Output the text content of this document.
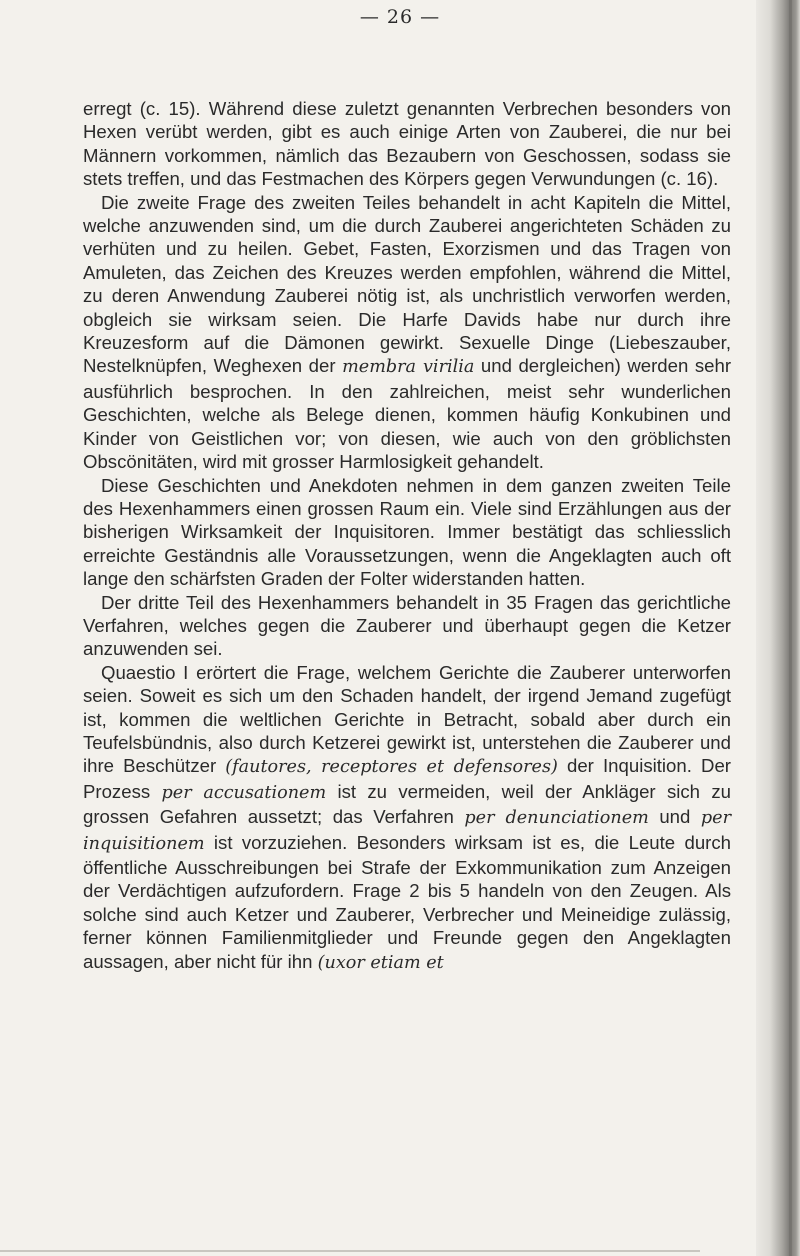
— 26 —

erregt (c. 15). Während diese zuletzt genannten Verbrechen besonders von Hexen verübt werden, gibt es auch einige Arten von Zauberei, die nur bei Männern vorkommen, nämlich das Bezaubern von Geschossen, sodass sie stets treffen, und das Festmachen des Körpers gegen Verwundungen (c. 16).

Die zweite Frage des zweiten Teiles behandelt in acht Kapiteln die Mittel, welche anzuwenden sind, um die durch Zauberei angerichteten Schäden zu verhüten und zu heilen. Gebet, Fasten, Exorzismen und das Tragen von Amuleten, das Zeichen des Kreuzes werden empfohlen, während die Mittel, zu deren Anwendung Zauberei nötig ist, als unchristlich verworfen werden, obgleich sie wirksam seien. Die Harfe Davids habe nur durch ihre Kreuzesform auf die Dämonen gewirkt. Sexuelle Dinge (Liebeszauber, Nestelknüpfen, Weghexen der membra virilia und dergleichen) werden sehr ausführlich besprochen. In den zahlreichen, meist sehr wunderlichen Geschichten, welche als Belege dienen, kommen häufig Konkubinen und Kinder von Geistlichen vor; von diesen, wie auch von den gröblichsten Obscönitäten, wird mit grosser Harmlosigkeit gehandelt.

Diese Geschichten und Anekdoten nehmen in dem ganzen zweiten Teile des Hexenhammers einen grossen Raum ein. Viele sind Erzählungen aus der bisherigen Wirksamkeit der Inquisitoren. Immer bestätigt das schliesslich erreichte Geständnis alle Voraussetzungen, wenn die Angeklagten auch oft lange den schärfsten Graden der Folter widerstanden hatten.

Der dritte Teil des Hexenhammers behandelt in 35 Fragen das gerichtliche Verfahren, welches gegen die Zauberer und überhaupt gegen die Ketzer anzuwenden sei.

Quaestio I erörtert die Frage, welchem Gerichte die Zauberer unterworfen seien. Soweit es sich um den Schaden handelt, der irgend Jemand zugefügt ist, kommen die weltlichen Gerichte in Betracht, sobald aber durch ein Teufelsbündnis, also durch Ketzerei gewirkt ist, unterstehen die Zauberer und ihre Beschützer (fautores, receptores et defensores) der Inquisition. Der Prozess per accusationem ist zu vermeiden, weil der Ankläger sich zu grossen Gefahren aussetzt; das Verfahren per denunciationem und per inquisitionem ist vorzuziehen. Besonders wirksam ist es, die Leute durch öffentliche Ausschreibungen bei Strafe der Exkommunikation zum Anzeigen der Verdächtigen aufzufordern. Frage 2 bis 5 handeln von den Zeugen. Als solche sind auch Ketzer und Zauberer, Verbrecher und Meineidige zulässig, ferner können Familienmitglieder und Freunde gegen den Angeklagten aussagen, aber nicht für ihn (uxor etiam et
